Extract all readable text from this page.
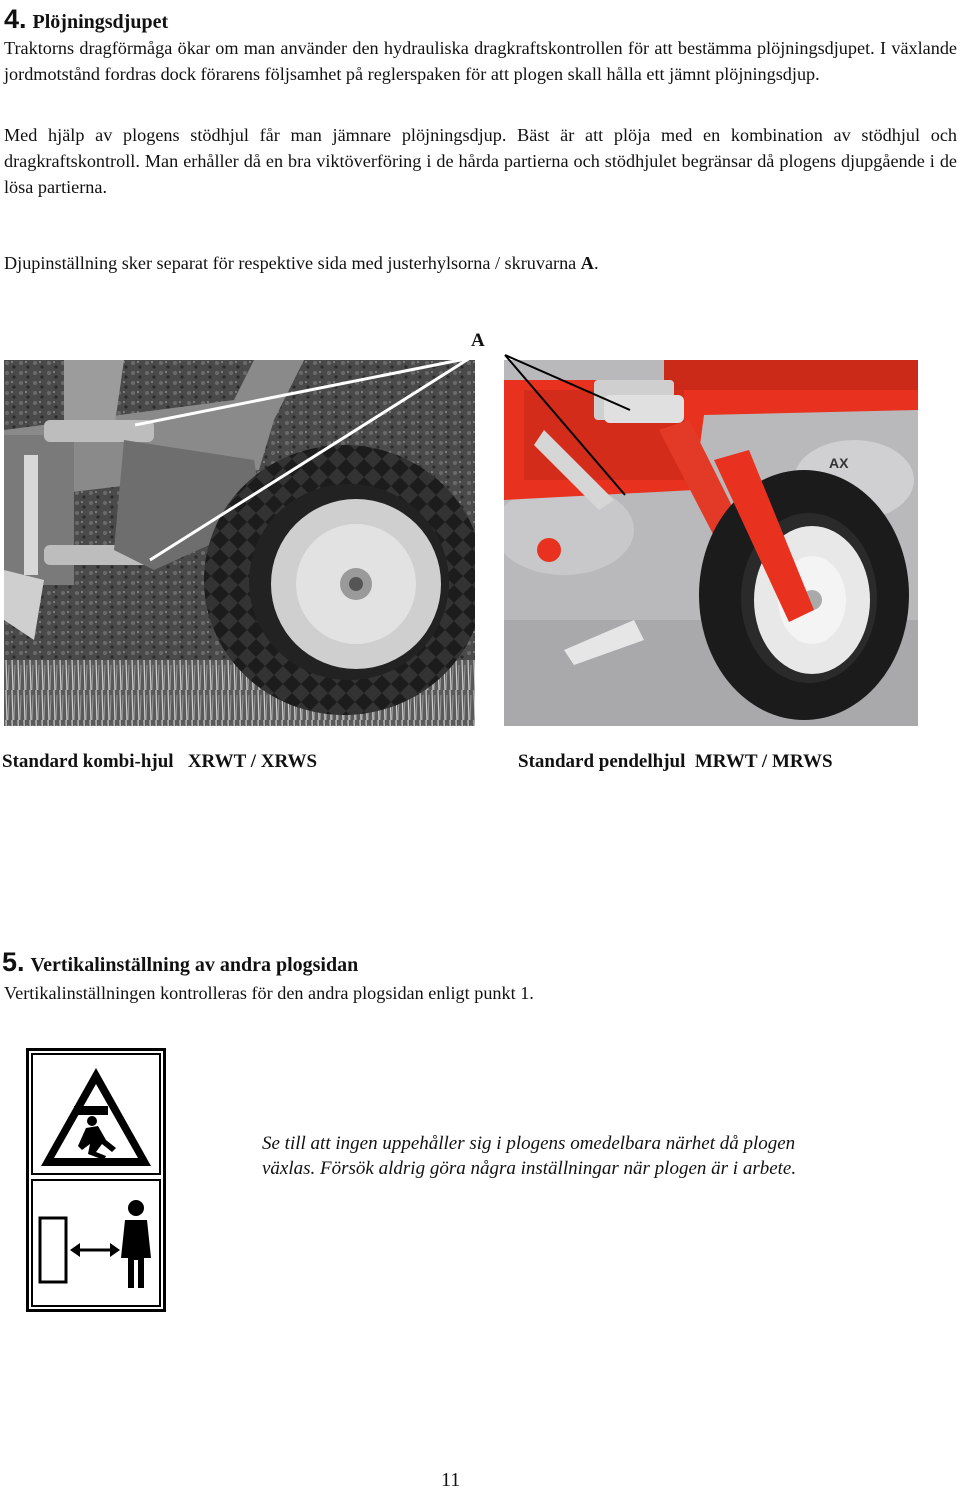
4. Plöjningsdjupet
Traktorns dragförmåga ökar om man använder den hydrauliska dragkraftskontrollen för att bestämma plöjningsdjupet. I växlande jordmotstånd fordras dock förarens följsamhet på reglerspaken för att plogen skall hålla ett jämnt plöjningsdjup.
Med hjälp av plogens stödhjul får man jämnare plöjningsdjup. Bäst är att plöja med en kombination av stödhjul och dragkraftskontroll. Man erhåller då en bra viktöverföring i de hårda partierna och stödhjulet begränsar då plogens djupgående i de lösa partierna.
Djupinställning sker separat för respektive sida med justerhylsorna / skruvarna A.
AX
A
Standard kombi-hjul   XRWT / XRWS	Standard pendelhjul  MRWT / MRWS
5. Vertikalinställning av andra plogsidan
Vertikalinställningen kontrolleras för den andra plogsidan enligt punkt 1.
Se till att ingen uppehåller sig i plogens omedelbara närhet då plogen
växlas. Försök aldrig göra några inställningar när plogen är i arbete.
11
